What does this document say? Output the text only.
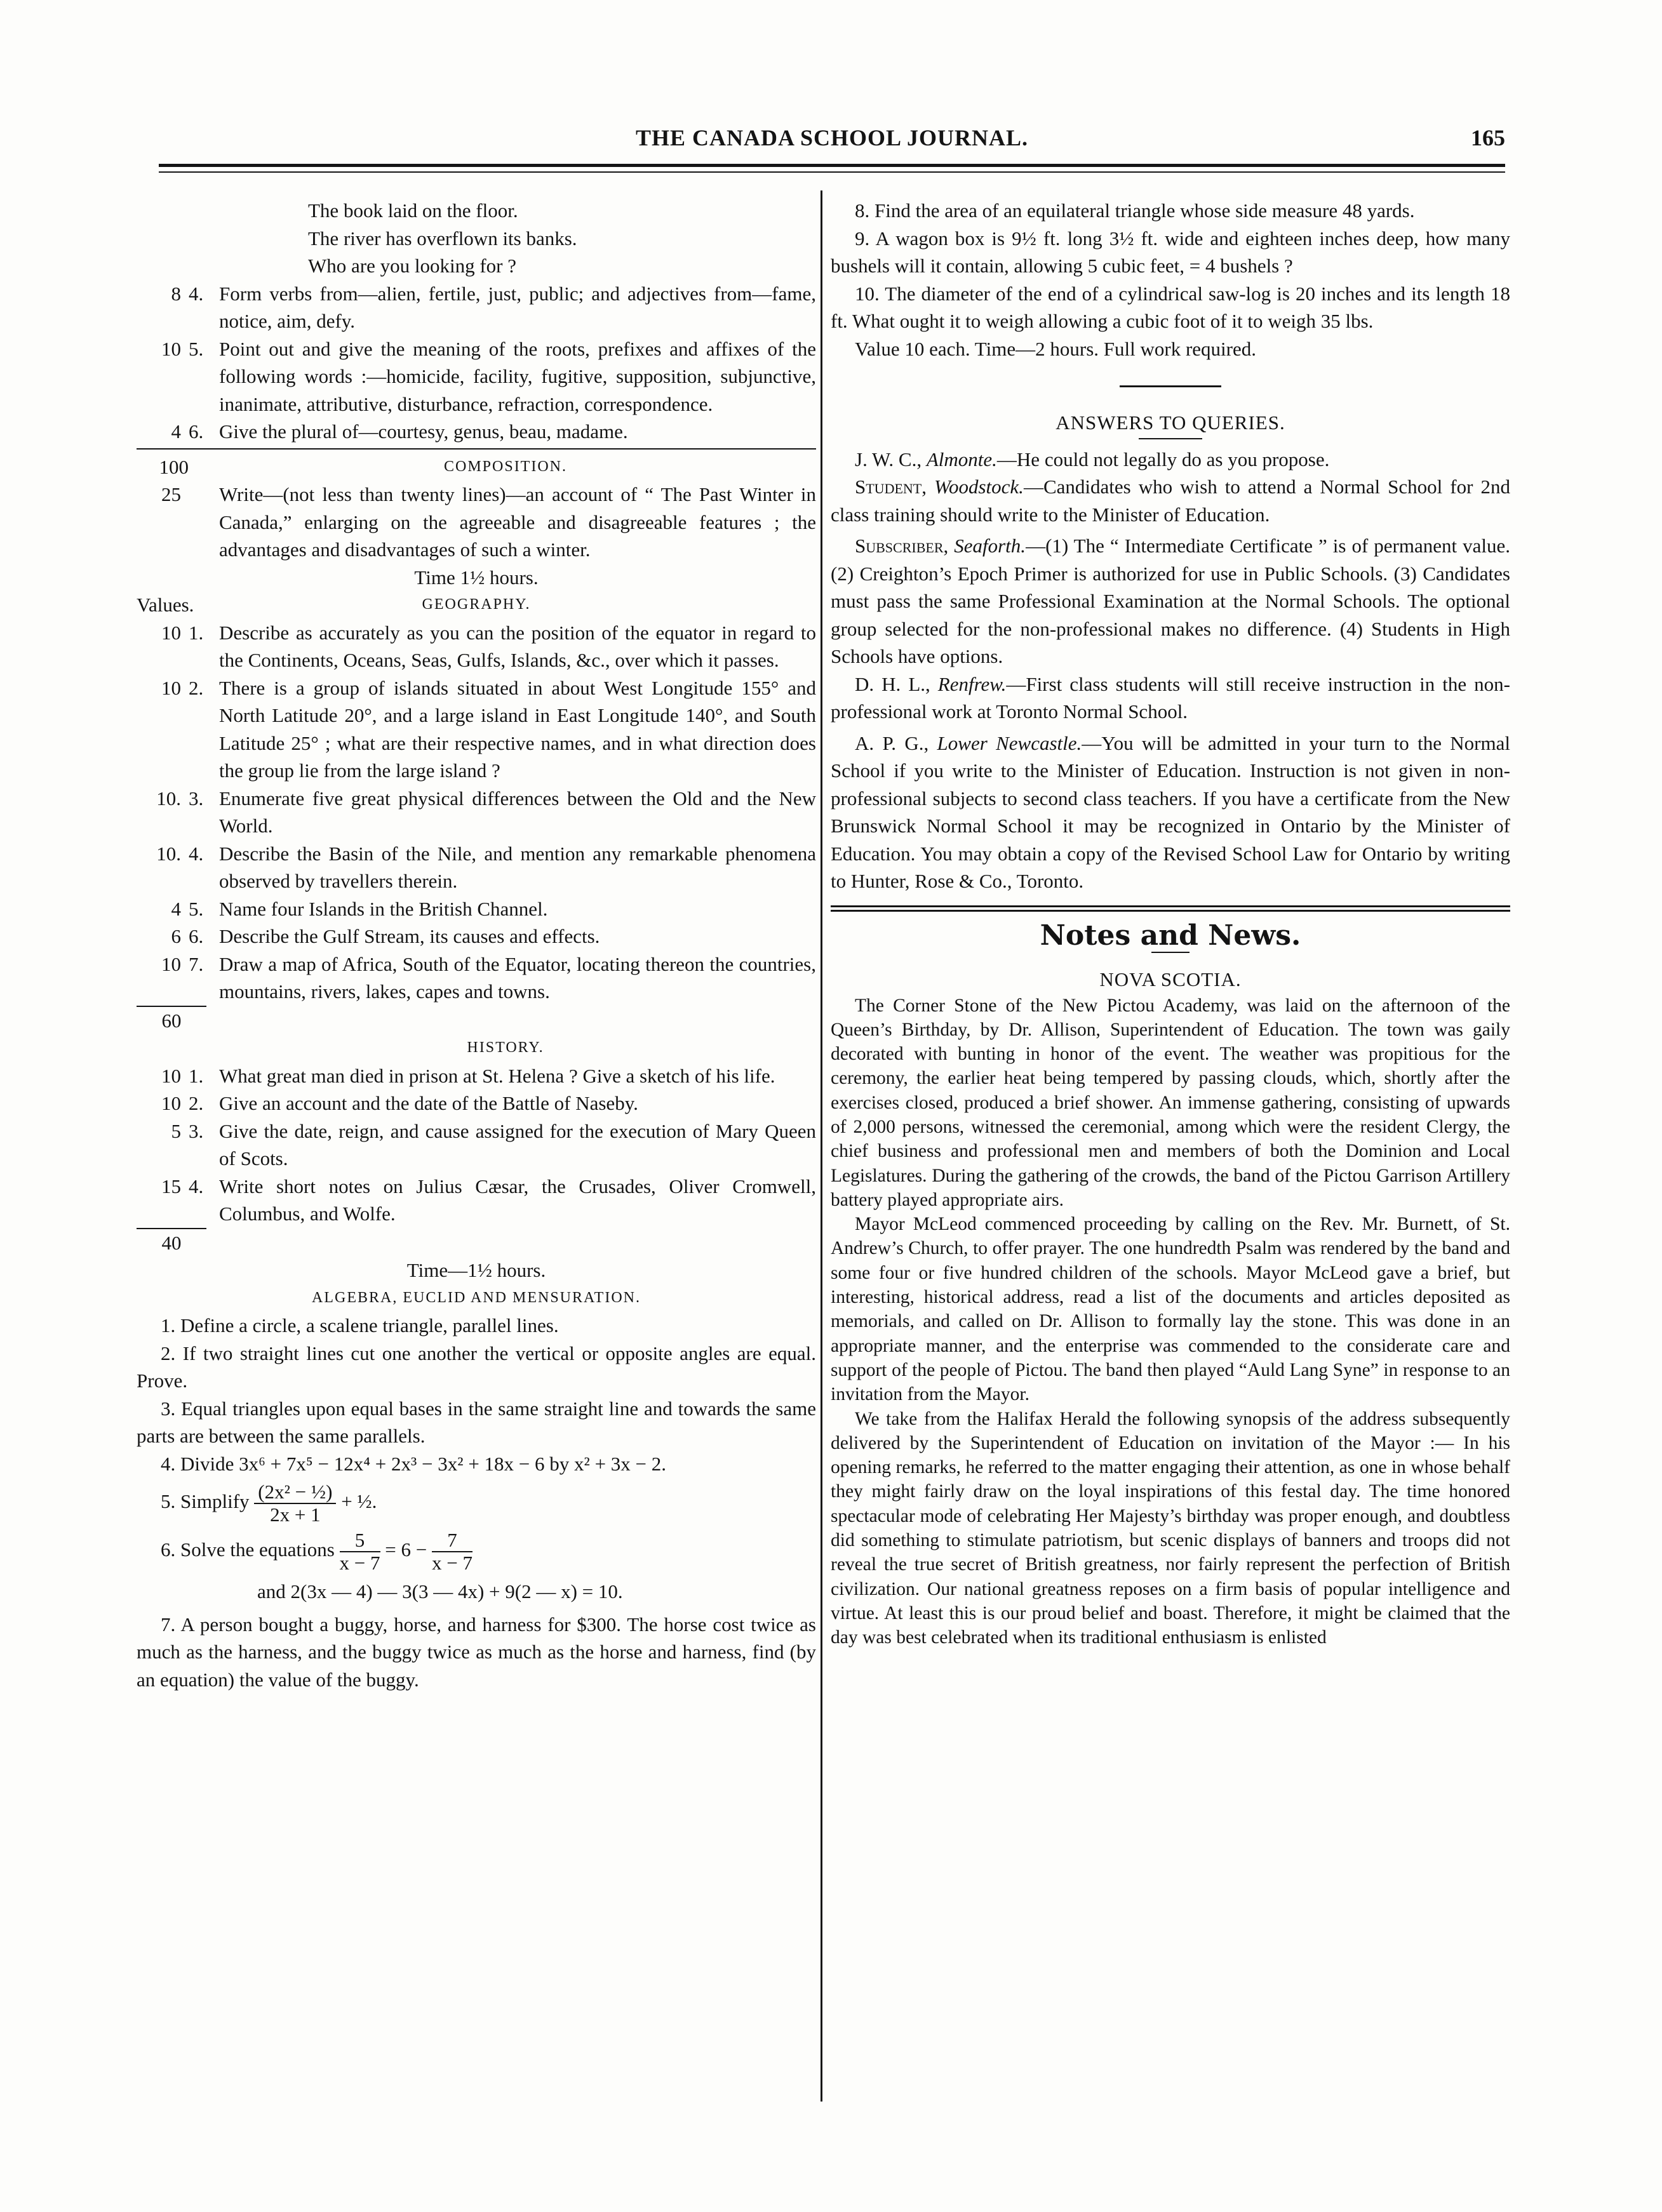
THE CANADA SCHOOL JOURNAL.	165
The book laid on the floor.
The river has overflown its banks.
Who are you looking for ?
8 4. Form verbs from—alien, fertile, just, public; and adjectives from—fame, notice, aim, defy.
10 5. Point out and give the meaning of the roots, prefixes and affixes of the following words :—homicide, facility, fugitive, supposition, subjunctive, inanimate, attributive, disturbance, refraction, correspondence.
4 6. Give the plural of—courtesy, genus, beau, madame.
100	COMPOSITION.
25	Write—(not less than twenty lines)—an account of “ The Past Winter in Canada,” enlarging on the agreeable and disagreeable features ; the advantages and disadvantages of such a winter.
Time 1½ hours.
Values.	GEOGRAPHY.
10 1. Describe as accurately as you can the position of the equator in regard to the Continents, Oceans, Seas, Gulfs, Islands, &c., over which it passes.
10 2. There is a group of islands situated in about West Longitude 155° and North Latitude 20°, and a large island in East Longitude 140°, and South Latitude 25° ; what are their respective names, and in what direction does the group lie from the large island ?
10. 3. Enumerate five great physical differences between the Old and the New World.
10. 4. Describe the Basin of the Nile, and mention any remarkable phenomena observed by travellers therein.
4 5. Name four Islands in the British Channel.
6 6. Describe the Gulf Stream, its causes and effects.
10 7. Draw a map of Africa, South of the Equator, locating thereon the countries, mountains, rivers, lakes, capes and towns.
60
HISTORY.
10 1. What great man died in prison at St. Helena ? Give a sketch of his life.
10 2. Give an account and the date of the Battle of Naseby.
5 3. Give the date, reign, and cause assigned for the execution of Mary Queen of Scots.
15 4. Write short notes on Julius Cæsar, the Crusades, Oliver Cromwell, Columbus, and Wolfe.
40
Time—1½ hours.
ALGEBRA, EUCLID AND MENSURATION.
1. Define a circle, a scalene triangle, parallel lines.
2. If two straight lines cut one another the vertical or opposite angles are equal. Prove.
3. Equal triangles upon equal bases in the same straight line and towards the same parts are between the same parallels.
4. Divide 3x⁶ + 7x⁵ − 12x⁴ + 2x³ − 3x² + 18x − 6 by x² + 3x − 2.
5. Simplify $\frac{\text{(2x² − ½)}}{2x + 1}$ + ½.
6. Solve the equations $\frac{5}{x - 7} = 6 - \frac{7}{x - 7}$
and 2(3x — 4) — 3(3 — 4x) + 9(2 — x) = 10.
7. A person bought a buggy, horse, and harness for $300. The horse cost twice as much as the harness, and the buggy twice as much as the horse and harness, find (by an equation) the value of the buggy.
8. Find the area of an equilateral triangle whose side measure 48 yards.
9. A wagon box is 9½ ft. long 3½ ft. wide and eighteen inches deep, how many bushels will it contain, allowing 5 cubic feet, = 4 bushels ?
10. The diameter of the end of a cylindrical saw-log is 20 inches and its length 18 ft. What ought it to weigh allowing a cubic foot of it to weigh 35 lbs.
Value 10 each. Time—2 hours. Full work required.
ANSWERS TO QUERIES.
J. W. C., Almonte.—He could not legally do as you propose.
Student, Woodstock.—Candidates who wish to attend a Normal School for 2nd class training should write to the Minister of Education.
Subscriber, Seaforth.—(1) The “ Intermediate Certificate ” is of permanent value. (2) Creighton’s Epoch Primer is authorized for use in Public Schools. (3) Candidates must pass the same Professional Examination at the Normal Schools. The optional group selected for the non-professional makes no difference. (4) Students in High Schools have options.
D. H. L., Renfrew.—First class students will still receive instruction in the non-professional work at Toronto Normal School.
A. P. G., Lower Newcastle.—You will be admitted in your turn to the Normal School if you write to the Minister of Education. Instruction is not given in non-professional subjects to second class teachers. If you have a certificate from the New Brunswick Normal School it may be recognized in Ontario by the Minister of Education. You may obtain a copy of the Revised School Law for Ontario by writing to Hunter, Rose & Co., Toronto.
Notes and News.
NOVA SCOTIA.

The Corner Stone of the New Pictou Academy, was laid on the afternoon of the Queen’s Birthday, by Dr. Allison, Superintendent of Education. The town was gaily decorated with bunting in honor of the event. The weather was propitious for the ceremony, the earlier heat being tempered by passing clouds, which, shortly after the exercises closed, produced a brief shower. An immense gathering, consisting of upwards of 2,000 persons, witnessed the ceremonial, among which were the resident Clergy, the chief business and professional men and members of both the Dominion and Local Legislatures. During the gathering of the crowds, the band of the Pictou Garrison Artillery battery played appropriate airs.

Mayor McLeod commenced proceeding by calling on the Rev. Mr. Burnett, of St. Andrew’s Church, to offer prayer. The one hundredth Psalm was rendered by the band and some four or five hundred children of the schools. Mayor McLeod gave a brief, but interesting, historical address, read a list of the documents and articles deposited as memorials, and called on Dr. Allison to formally lay the stone. This was done in an appropriate manner, and the enterprise was commended to the considerate care and support of the people of Pictou. The band then played “Auld Lang Syne” in response to an invitation from the Mayor.

We take from the Halifax Herald the following synopsis of the address subsequently delivered by the Superintendent of Education on invitation of the Mayor :— In his opening remarks, he referred to the matter engaging their attention, as one in whose behalf they might fairly draw on the loyal inspirations of this festal day. The time honored spectacular mode of celebrating Her Majesty’s birthday was proper enough, and doubtless did something to stimulate patriotism, but scenic displays of banners and troops did not reveal the true secret of British greatness, nor fairly represent the perfection of British civilization. Our national greatness reposes on a firm basis of popular intelligence and virtue. At least this is our proud belief and boast. Therefore, it might be claimed that the day was best celebrated when its traditional enthusiasm is enlisted
